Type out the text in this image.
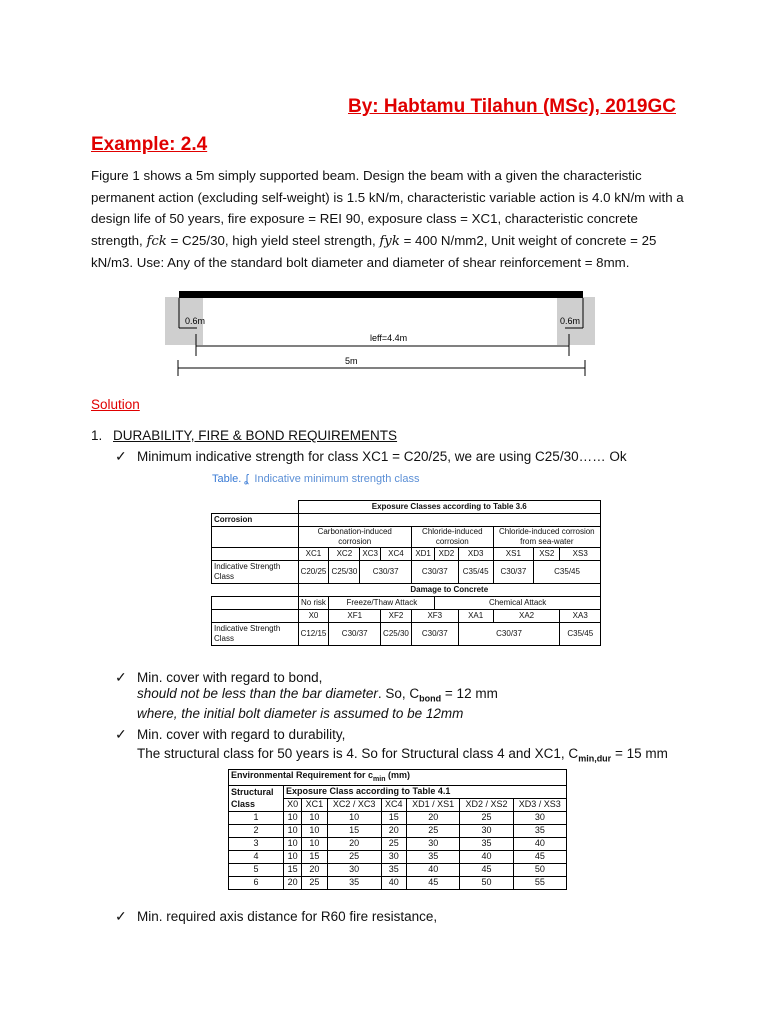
By: Habtamu Tilahun (MSc), 2019GC
Example: 2.4
Figure 1 shows a 5m simply supported beam. Design the beam with a given the characteristic permanent action (excluding self-weight) is 1.5 kN/m, characteristic variable action is 4.0 kN/m with a design life of 50 years, fire exposure = REI 90, exposure class = XC1, characteristic concrete strength, fck = C25/30, high yield steel strength, fyk = 400 N/mm2, Unit weight of concrete = 25 kN/m3. Use: Any of the standard bolt diameter and diameter of shear reinforcement = 8mm.
0.6m	0.6m
leff=4.4m
5m
Solution
1. DURABILITY, FIRE & BOND REQUIREMENTS
✓ Minimum indicative strength for class XC1 = C20/25, we are using C25/30…… Ok
Table. ʆ Indicative minimum strength class
	Exposure Classes according to Table 3.6									
Corrosion										
	Carbonation-induced corrosion				Chloride-induced corrosion			Chloride-induced corrosion from sea-water		
	XC1	XC2	XC3	XC4	XD1	XD2	XD3	XS1	XS2	XS3
Indicative Strength Class	C20/25	C25/30	C30/37		C30/37		C35/45	C30/37	C35/45	
	Damage to Concrete									
	No risk	Freeze/Thaw Attack				Chemical Attack				
	X0	XF1		XF2	XF3		XA1	XA2		XA3
Indicative Strength Class	C12/15	C30/37		C25/30	C30/37		C30/37			C35/45
✓ Min. cover with regard to bond,
should not be less than the bar diameter. So, $C_{bond} = 12$ mm
where, the initial bolt diameter is assumed to be 12mm
✓ Min. cover with regard to durability,
The structural class for 50 years is 4. So for Structural class 4 and XC1, $C_{min,dur} = 15$ mm
Environmental Requirement for $c_{min}$ (mm)							
Structural	Exposure Class according to Table 4.1						
Class	X0	XC1	XC2 / XC3	XC4	XD1 / XS1	XD2 / XS2	XD3 / XS3
1	10	10	10	15	20	25	30
2	10	10	15	20	25	30	35
3	10	10	20	25	30	35	40
4	10	15	25	30	35	40	45
5	15	20	30	35	40	45	50
6	20	25	35	40	45	50	55
✓ Min. required axis distance for R60 fire resistance,
